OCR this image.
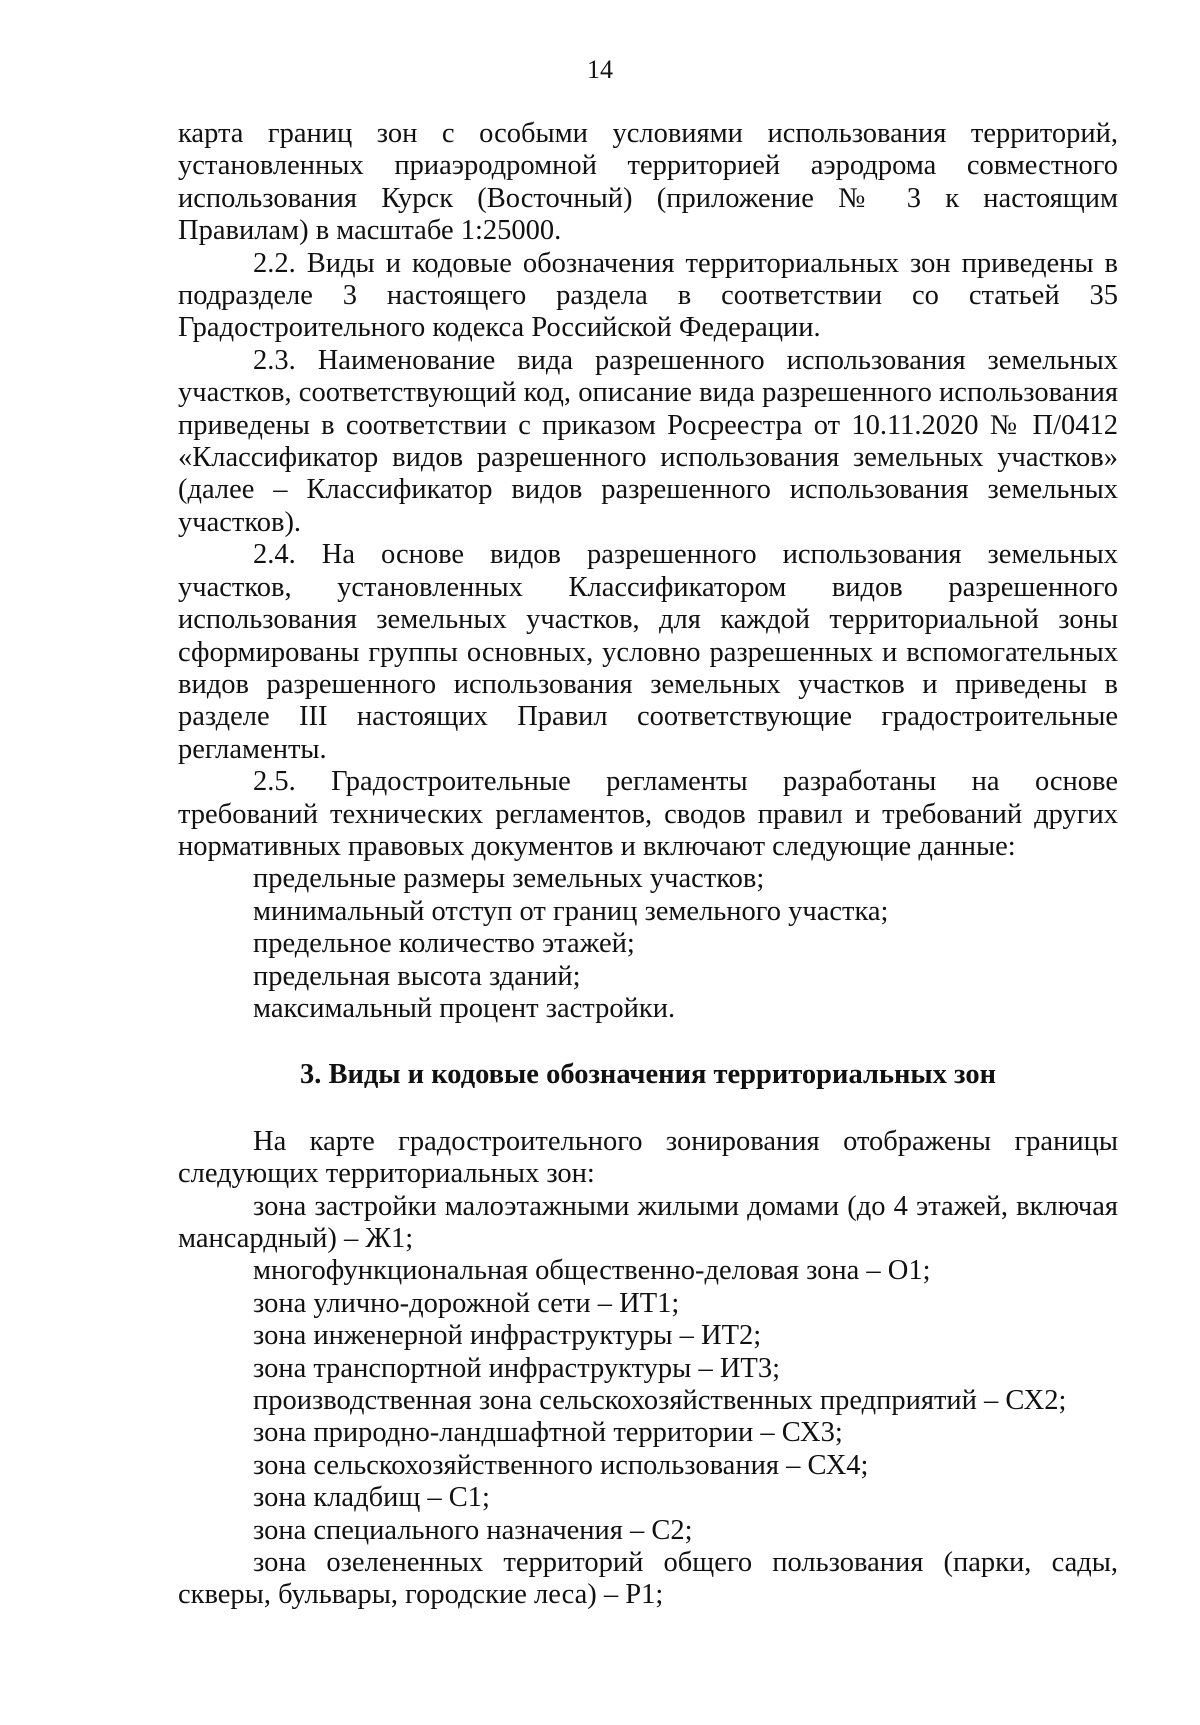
14

карта границ зон с особыми условиями использования территорий, установленных приаэродромной территорией аэродрома совместного использования Курск (Восточный) (приложение № 3 к настоящим Правилам) в масштабе 1:25000.

2.2. Виды и кодовые обозначения территориальных зон приведены в подразделе 3 настоящего раздела в соответствии со статьей 35 Градостроительного кодекса Российской Федерации.

2.3. Наименование вида разрешенного использования земельных участков, соответствующий код, описание вида разрешенного использования приведены в соответствии с приказом Росреестра от 10.11.2020 № П/0412 «Классификатор видов разрешенного использования земельных участков» (далее – Классификатор видов разрешенного использования земельных участков).

2.4. На основе видов разрешенного использования земельных участков, установленных Классификатором видов разрешенного использования земельных участков, для каждой территориальной зоны сформированы группы основных, условно разрешенных и вспомогательных видов разрешенного использования земельных участков и приведены в разделе III настоящих Правил соответствующие градостроительные регламенты.

2.5. Градостроительные регламенты разработаны на основе требований технических регламентов, сводов правил и требований других нормативных правовых документов и включают следующие данные:

предельные размеры земельных участков;

минимальный отступ от границ земельного участка;

предельное количество этажей;

предельная высота зданий;

максимальный процент застройки.

3. Виды и кодовые обозначения территориальных зон

На карте градостроительного зонирования отображены границы следующих территориальных зон:

зона застройки малоэтажными жилыми домами (до 4 этажей, включая мансардный) – Ж1;

многофункциональная общественно-деловая зона – О1;

зона улично-дорожной сети – ИТ1;

зона инженерной инфраструктуры – ИТ2;

зона транспортной инфраструктуры – ИТ3;

производственная зона сельскохозяйственных предприятий – СХ2;

зона природно-ландшафтной территории – СХ3;

зона сельскохозяйственного использования – СХ4;

зона кладбищ – С1;

зона специального назначения – С2;

зона озелененных территорий общего пользования (парки, сады, скверы, бульвары, городские леса) – Р1;
